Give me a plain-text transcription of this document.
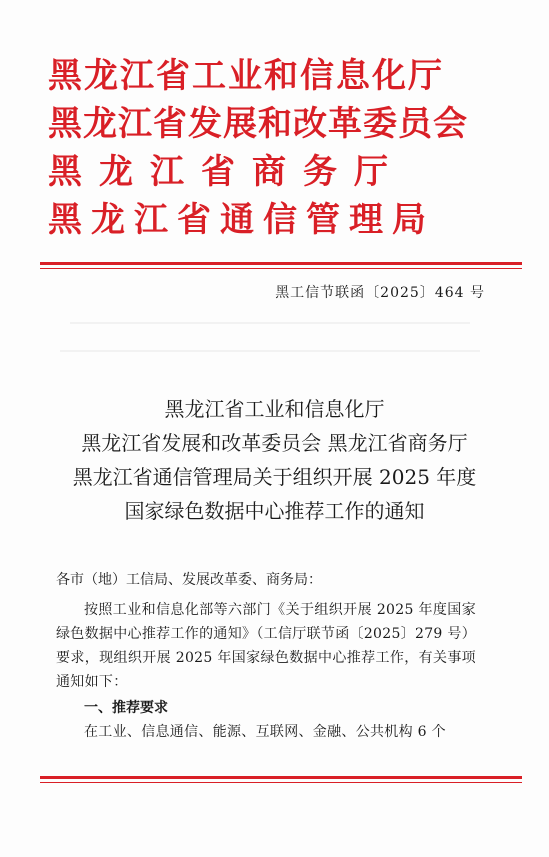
黑龙江省工业和信息化厅
黑龙江省发展和改革委员会
黑龙江省商务厅
黑龙江省通信管理局
黑工信节联函〔2025〕464 号
黑龙江省工业和信息化厅
黑龙江省发展和改革委员会 黑龙江省商务厅
黑龙江省通信管理局关于组织开展 2025 年度
国家绿色数据中心推荐工作的通知

各市（地）工信局、发展改革委、商务局：

按照工业和信息化部等六部门《关于组织开展 2025 年度国家绿色数据中心推荐工作的通知》（工信厅联节函〔2025〕279 号）要求，现组织开展 2025 年国家绿色数据中心推荐工作，有关事项通知如下：

一、推荐要求

在工业、信息通信、能源、互联网、金融、公共机构 6 个
